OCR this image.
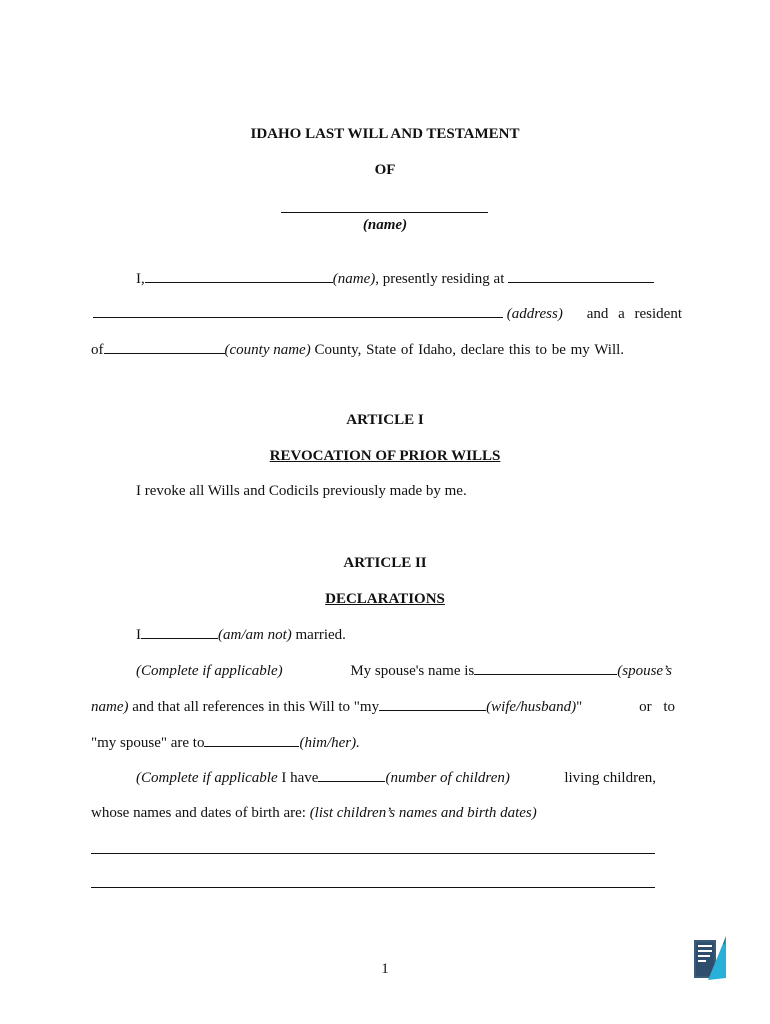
IDAHO LAST WILL AND TESTAMENT
OF
(name)
I,	(name), presently residing at
(address) and a resident
of	(county name) County, State of Idaho, declare this to be my Will.
ARTICLE I
REVOCATION OF PRIOR WILLS
I revoke all Wills and Codicils previously made by me.
ARTICLE II
DECLARATIONS
I	(am/am not) married.
(Complete if applicable)	My spouse's name is	(spouse’s
name) and that all references in this Will to "my	(wife/husband)"	or to
"my spouse" are to	(him/her).
(Complete if applicable I have	(number of children)	living children,
whose names and dates of birth are: (list children’s names and birth dates)
1
